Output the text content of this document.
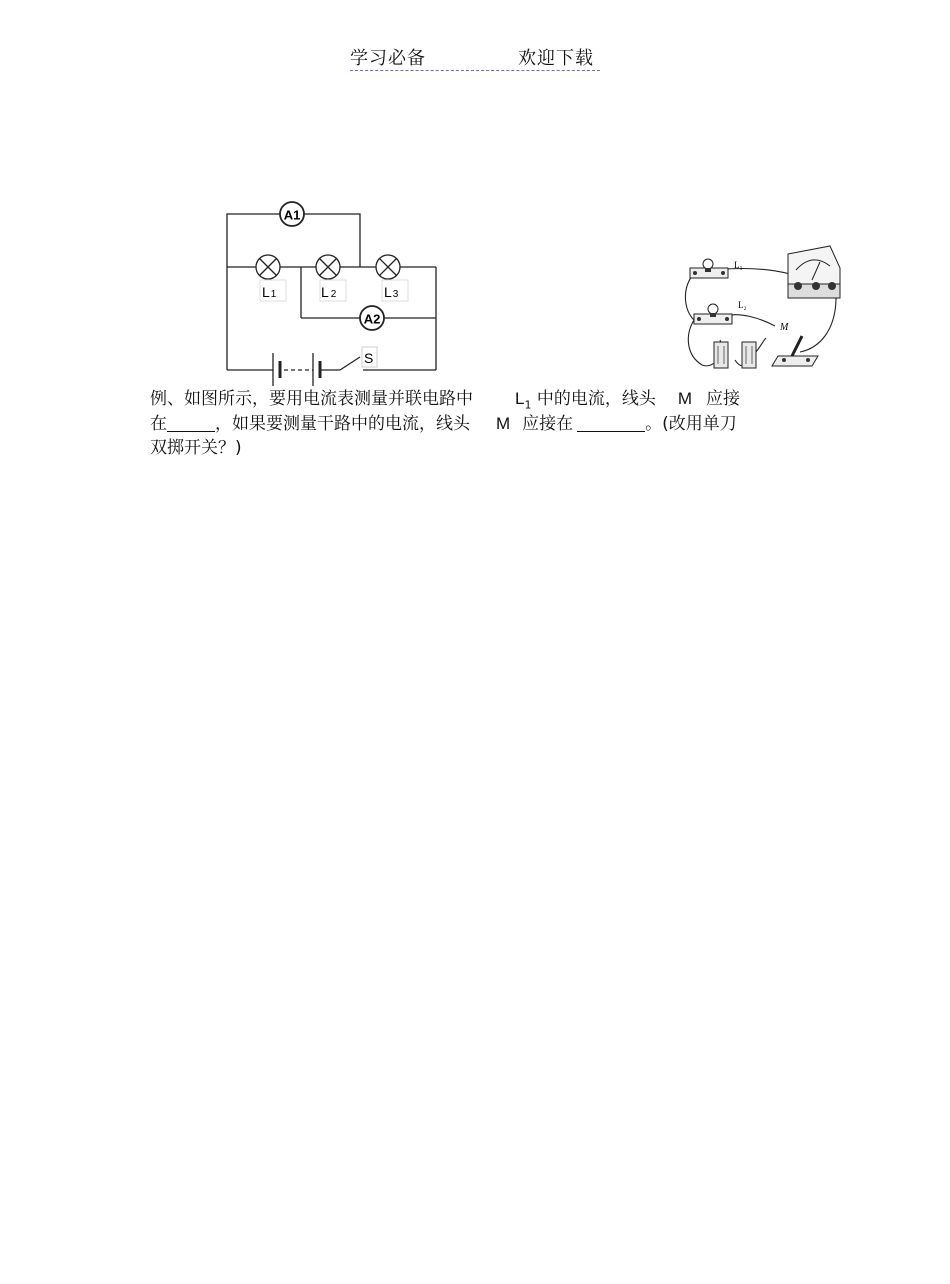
学习必备	欢迎下载
A1
A2
L1	L 2	L3
S
L₁
L₂
M
例、如图所示，要用电流表测量并联电路中 $L_1$ 中的电流，线头 M 应接
在	，如果要测量干路中的电流，线头 M 应接在	。(改用单刀
双掷开关？)
